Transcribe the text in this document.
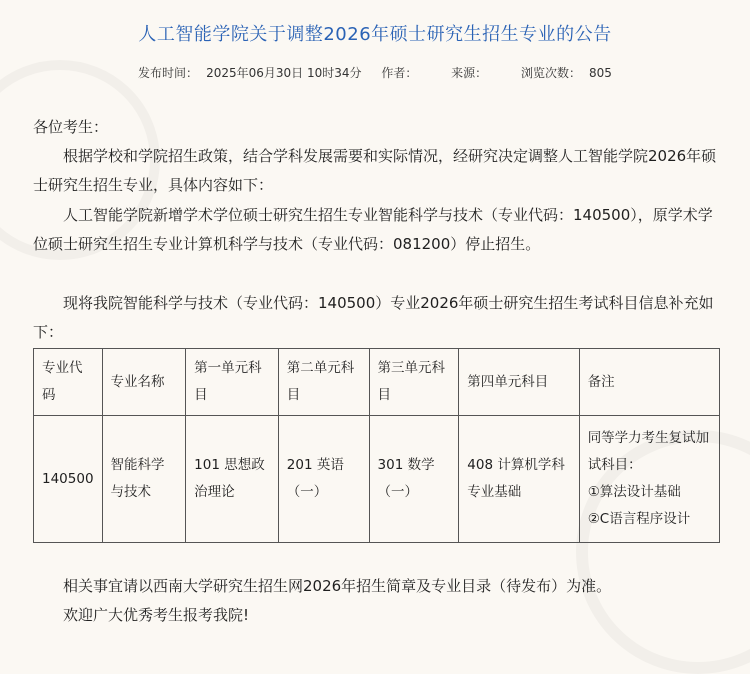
人工智能学院关于调整2026年硕士研究生招生专业的公告
发布时间： 2025年06月30日 10时34分 作者：	来源：	浏览次数： 805
各位考生：
根据学校和学院招生政策，结合学科发展需要和实际情况，经研究决定调整人工智能学院2026年硕士研究生招生专业，具体内容如下：
人工智能学院新增学术学位硕士研究生招生专业智能科学与技术（专业代码：140500），原学术学位硕士研究生招生专业计算机科学与技术（专业代码：081200）停止招生。
现将我院智能科学与技术（专业代码：140500）专业2026年硕士研究生招生考试科目信息补充如下：
专业代码	专业名称	第一单元科目	第二单元科目	第三单元科目	第四单元科目	备注
140500	智能科学与技术	101 思想政治理论	201 英语（一）	301 数学（一）	408 计算机学科专业基础	同等学力考生复试加试科目：
①算法设计基础
②C语言程序设计
相关事宜请以西南大学研究生招生网2026年招生简章及专业目录（待发布）为准。
欢迎广大优秀考生报考我院!
